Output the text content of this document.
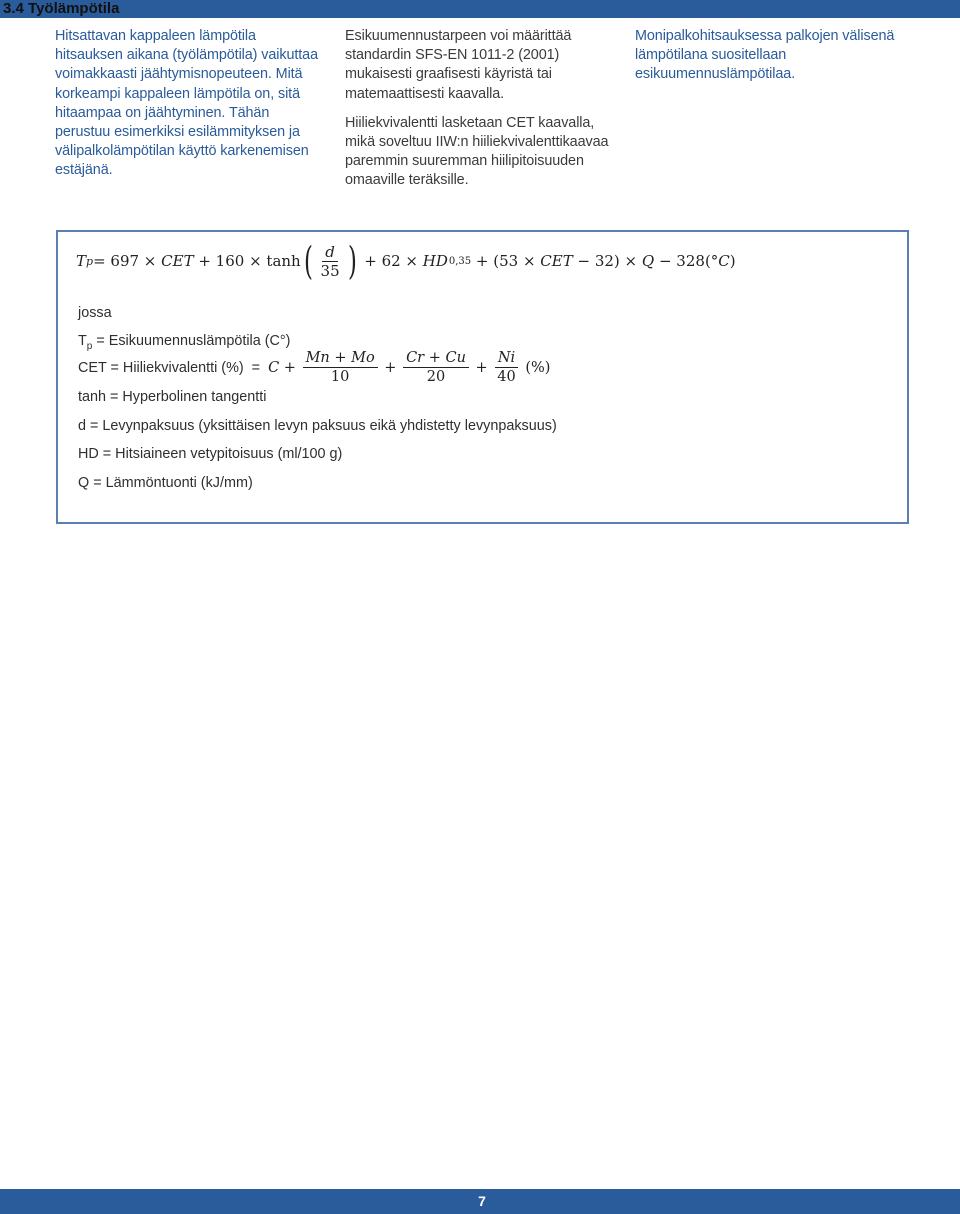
3.4 Työlämpötila

Hitsattavan kappaleen lämpötila hitsauksen aikana (työlämpötila) vaikuttaa voimakkaasti jäähtymisnopeuteen. Mitä korkeampi kappaleen lämpötila on, sitä hitaampaa on jäähtyminen. Tähän perustuu esimerkiksi esilämmityksen ja välipalkolämpötilan käyttö karkenemisen estäjänä.

Esikuumennustarpeen voi määrittää standardin SFS-EN 1011-2 (2001) mukaisesti graafisesti käyristä tai matemaattisesti kaavalla.

Hiiliekvivalentti lasketaan CET kaavalla, mikä soveltuu IIW:n hiiliekvivalenttikaavaa paremmin suuremman hiilipitoisuuden omaaville teräksille.

Monipalkohitsauksessa palkojen välisenä lämpötilana suositellaan esikuumennuslämpötilaa.

T p = 697 × CET + 160 × tanh ( $\frac{d}{35}$ ) + 62 × HD 0,35 + (53 × CET − 32) × Q − 328(° C )
jossa
$T_p$ = Esikuumennuslämpötila (C°)
CET = Hiiliekvivalentti (%)  = $C + \frac{Mn + Mo}{10} + \frac{Cr + Cu}{20} + \frac{Ni}{40}$ (%)
tanh = Hyperbolinen tangentti
d = Levynpaksuus (yksittäisen levyn paksuus eikä yhdistetty levynpaksuus)
HD = Hitsiaineen vetypitoisuus (ml/100 g)
Q = Lämmöntuonti (kJ/mm)
7
